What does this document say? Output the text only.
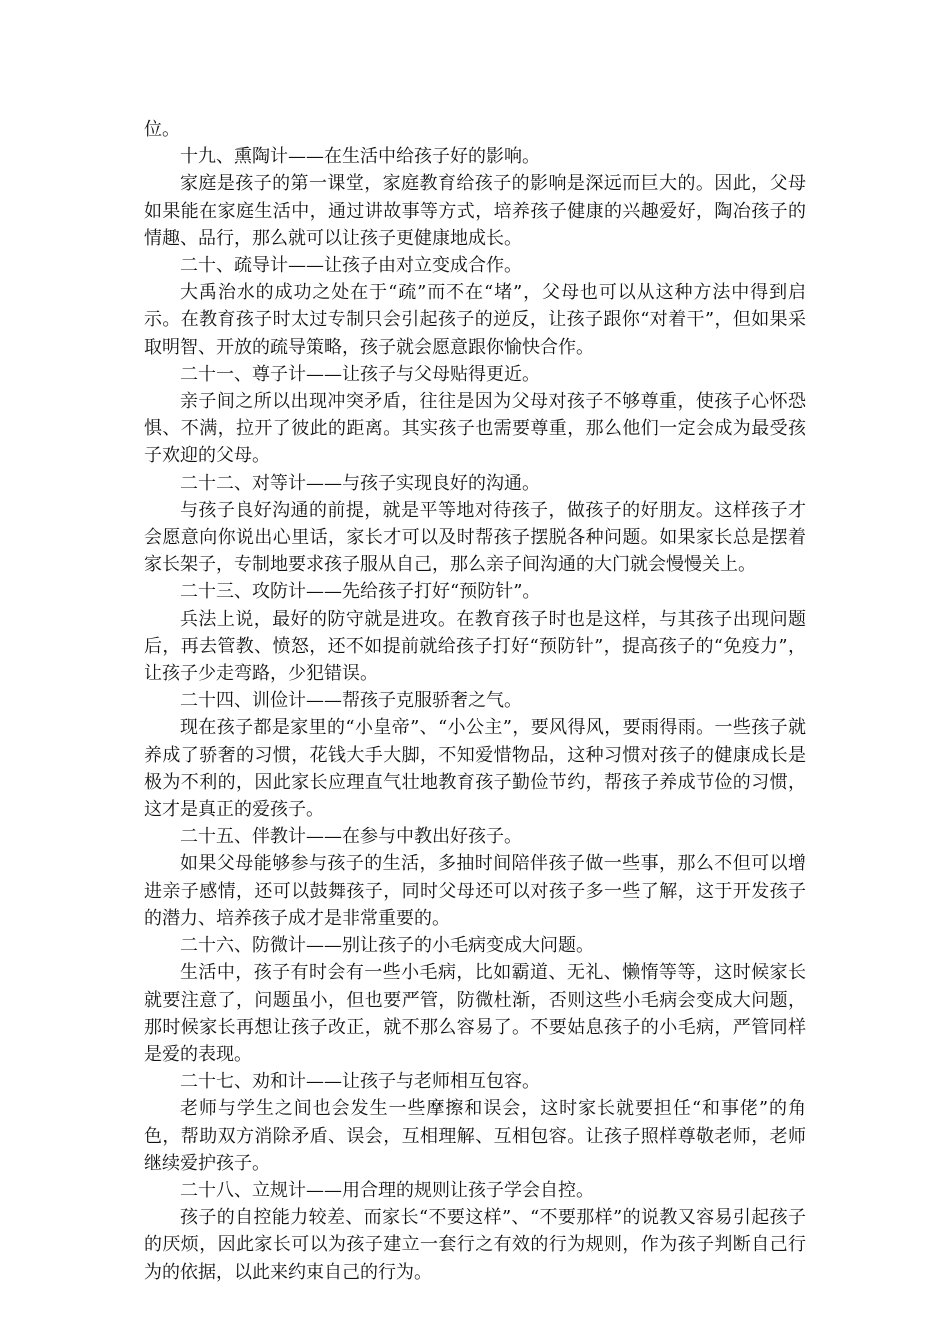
位。

十九、熏陶计——在生活中给孩子好的影响。

家庭是孩子的第一课堂，家庭教育给孩子的影响是深远而巨大的。因此，父母如果能在家庭生活中，通过讲故事等方式，培养孩子健康的兴趣爱好，陶冶孩子的情趣、品行，那么就可以让孩子更健康地成长。

二十、疏导计——让孩子由对立变成合作。

大禹治水的成功之处在于“疏”而不在“堵”，父母也可以从这种方法中得到启示。在教育孩子时太过专制只会引起孩子的逆反，让孩子跟你“对着干”，但如果采取明智、开放的疏导策略，孩子就会愿意跟你愉快合作。

二十一、尊子计——让孩子与父母贴得更近。

亲子间之所以出现冲突矛盾，往往是因为父母对孩子不够尊重，使孩子心怀恐惧、不满，拉开了彼此的距离。其实孩子也需要尊重，那么他们一定会成为最受孩子欢迎的父母。

二十二、对等计——与孩子实现良好的沟通。

与孩子良好沟通的前提，就是平等地对待孩子，做孩子的好朋友。这样孩子才会愿意向你说出心里话，家长才可以及时帮孩子摆脱各种问题。如果家长总是摆着家长架子，专制地要求孩子服从自己，那么亲子间沟通的大门就会慢慢关上。

二十三、攻防计——先给孩子打好“预防针”。

兵法上说，最好的防守就是进攻。在教育孩子时也是这样，与其孩子出现问题后，再去管教、愤怒，还不如提前就给孩子打好“预防针”，提高孩子的“免疫力”，让孩子少走弯路，少犯错误。

二十四、训俭计——帮孩子克服骄奢之气。

现在孩子都是家里的“小皇帝”、“小公主”，要风得风，要雨得雨。一些孩子就养成了骄奢的习惯，花钱大手大脚，不知爱惜物品，这种习惯对孩子的健康成长是极为不利的，因此家长应理直气壮地教育孩子勤俭节约，帮孩子养成节俭的习惯，这才是真正的爱孩子。

二十五、伴教计——在参与中教出好孩子。

如果父母能够参与孩子的生活，多抽时间陪伴孩子做一些事，那么不但可以增进亲子感情，还可以鼓舞孩子，同时父母还可以对孩子多一些了解，这于开发孩子的潜力、培养孩子成才是非常重要的。

二十六、防微计——别让孩子的小毛病变成大问题。

生活中，孩子有时会有一些小毛病，比如霸道、无礼、懒惰等等，这时候家长就要注意了，问题虽小，但也要严管，防微杜渐，否则这些小毛病会变成大问题，那时候家长再想让孩子改正，就不那么容易了。不要姑息孩子的小毛病，严管同样是爱的表现。

二十七、劝和计——让孩子与老师相互包容。

老师与学生之间也会发生一些摩擦和误会，这时家长就要担任“和事佬”的角色，帮助双方消除矛盾、误会，互相理解、互相包容。让孩子照样尊敬老师，老师继续爱护孩子。

二十八、立规计——用合理的规则让孩子学会自控。

孩子的自控能力较差、而家长“不要这样”、“不要那样”的说教又容易引起孩子的厌烦，因此家长可以为孩子建立一套行之有效的行为规则，作为孩子判断自己行为的依据，以此来约束自己的行为。
